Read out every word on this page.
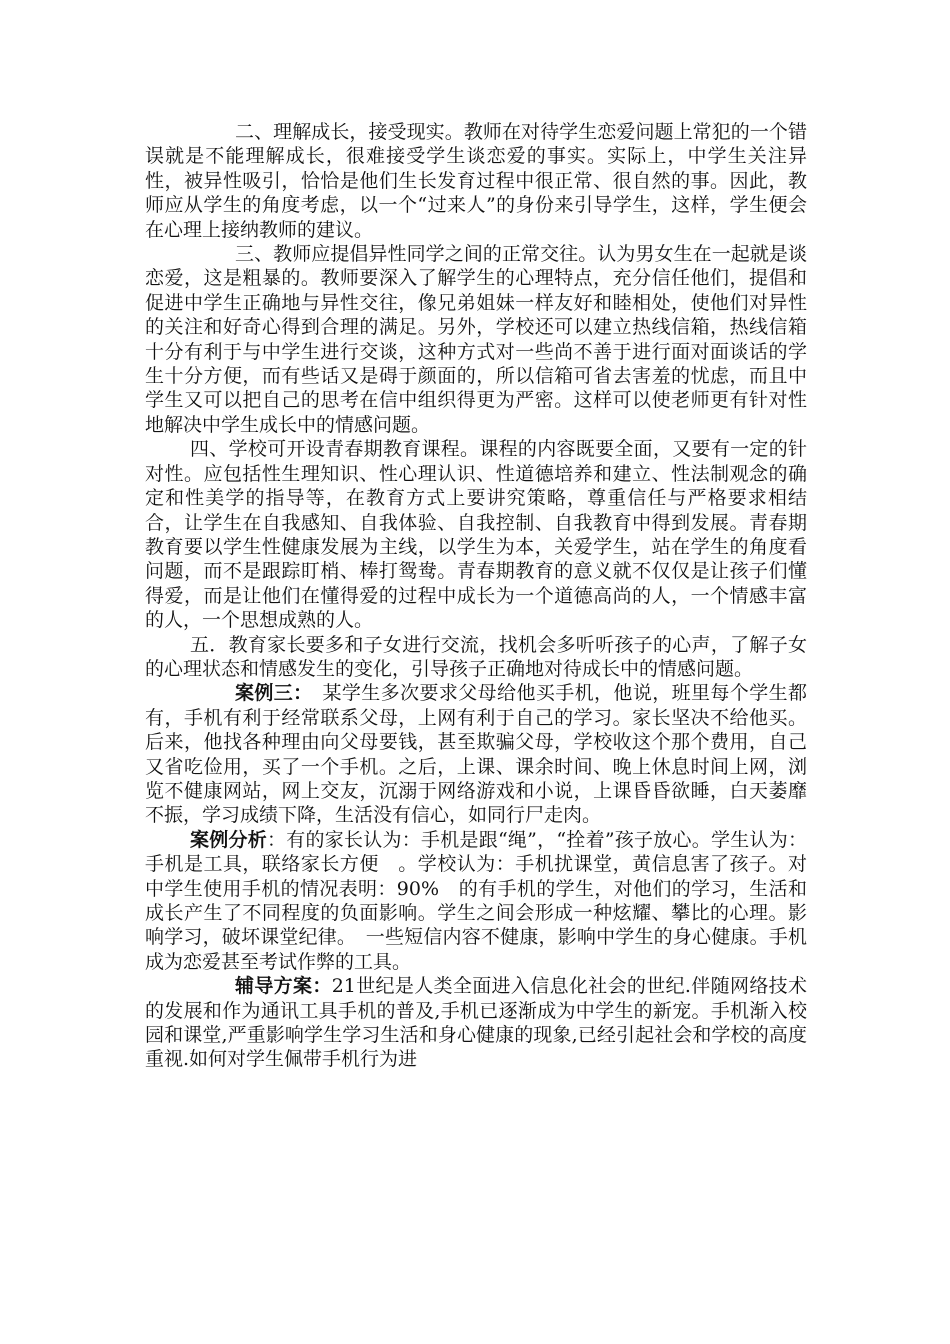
二、理解成长，接受现实。教师在对待学生恋爱问题上常犯的一个错误就是不能理解成长，很难接受学生谈恋爱的事实。实际上，中学生关注异性，被异性吸引，恰恰是他们生长发育过程中很正常、很自然的事。因此，教师应从学生的角度考虑，以一个“过来人”的身份来引导学生，这样，学生便会在心理上接纳教师的建议。

三、教师应提倡异性同学之间的正常交往。认为男女生在一起就是谈恋爱，这是粗暴的。教师要深入了解学生的心理特点，充分信任他们，提倡和促进中学生正确地与异性交往，像兄弟姐妹一样友好和睦相处，使他们对异性的关注和好奇心得到合理的满足。另外，学校还可以建立热线信箱，热线信箱十分有利于与中学生进行交谈，这种方式对一些尚不善于进行面对面谈话的学生十分方便，而有些话又是碍于颜面的，所以信箱可省去害羞的忧虑，而且中学生又可以把自己的思考在信中组织得更为严密。这样可以使老师更有针对性地解决中学生成长中的情感问题。

四、学校可开设青春期教育课程。课程的内容既要全面，又要有一定的针对性。应包括性生理知识、性心理认识、性道德培养和建立、性法制观念的确定和性美学的指导等，在教育方式上要讲究策略，尊重信任与严格要求相结合，让学生在自我感知、自我体验、自我控制、自我教育中得到发展。青春期教育要以学生性健康发展为主线，以学生为本，关爱学生，站在学生的角度看问题，而不是跟踪盯梢、棒打鸳鸯。青春期教育的意义就不仅仅是让孩子们懂得爱，而是让他们在懂得爱的过程中成长为一个道德高尚的人，一个情感丰富的人，一个思想成熟的人。

五．教育家长要多和子女进行交流，找机会多听听孩子的心声，了解子女的心理状态和情感发生的变化，引导孩子正确地对待成长中的情感问题。

案例三：　某学生多次要求父母给他买手机，他说，班里每个学生都有，手机有利于经常联系父母，上网有利于自己的学习。家长坚决不给他买。后来，他找各种理由向父母要钱，甚至欺骗父母，学校收这个那个费用，自己又省吃俭用，买了一个手机。之后，上课、课余时间、晚上休息时间上网，浏览不健康网站，网上交友，沉溺于网络游戏和小说，上课昏昏欲睡，白天萎靡不振，学习成绩下降，生活没有信心，如同行尸走肉。

案例分析：有的家长认为：手机是跟“绳”，“拴着”孩子放心。学生认为：手机是工具，联络家长方便　。学校认为：手机扰课堂，黄信息害了孩子。对中学生使用手机的情况表明：90%　的有手机的学生，对他们的学习，生活和成长产生了不同程度的负面影响。学生之间会形成一种炫耀、攀比的心理。影响学习，破坏课堂纪律。　一些短信内容不健康，影响中学生的身心健康。手机成为恋爱甚至考试作弊的工具。

辅导方案：21世纪是人类全面进入信息化社会的世纪.伴随网络技术的发展和作为通讯工具手机的普及,手机已逐渐成为中学生的新宠。手机渐入校园和课堂,严重影响学生学习生活和身心健康的现象,已经引起社会和学校的高度重视.如何对学生佩带手机行为进
